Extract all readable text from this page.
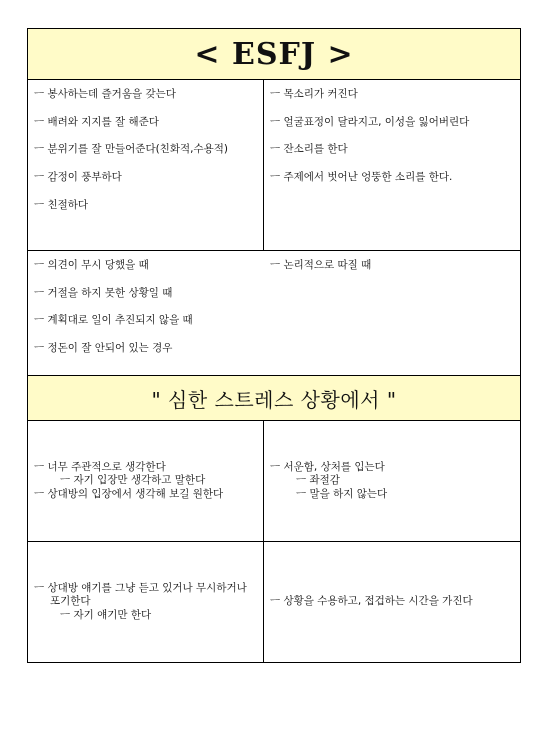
< ESFJ >
ㅡ 봉사하는데 즐거움을 갖는다
ㅡ 배려와 지지를 잘 해준다
ㅡ 분위기를 잘 만들어준다(친화적,수용적)
ㅡ 감정이 풍부하다
ㅡ 친절하다
ㅡ 목소리가 커진다
ㅡ 얼굴표정이 달라지고, 이성을 잃어버린다
ㅡ 잔소리를 한다
ㅡ 주제에서 벗어난 엉뚱한 소리를 한다.
ㅡ 의견이 무시 당했을 때
ㅡ 거절을 하지 못한 상황일 때
ㅡ 계획대로 일이 추진되지 않을 때
ㅡ 정돈이 잘 안되어 있는 경우
ㅡ 논리적으로 따질 때
" 심한 스트레스 상황에서 "
ㅡ 너무 주관적으로 생각한다
ㅡ 자기 입장만 생각하고 말한다
ㅡ 상대방의 입장에서 생각해 보길 원한다
ㅡ 서운함, 상처를 입는다
ㅡ 좌절감
ㅡ 말을 하지 않는다
ㅡ 상대방 얘기를 그냥 듣고 있거나 무시하거나 포기한다
ㅡ 자기 얘기만 한다
ㅡ 상황을 수용하고, 접겁하는 시간을 가진다
